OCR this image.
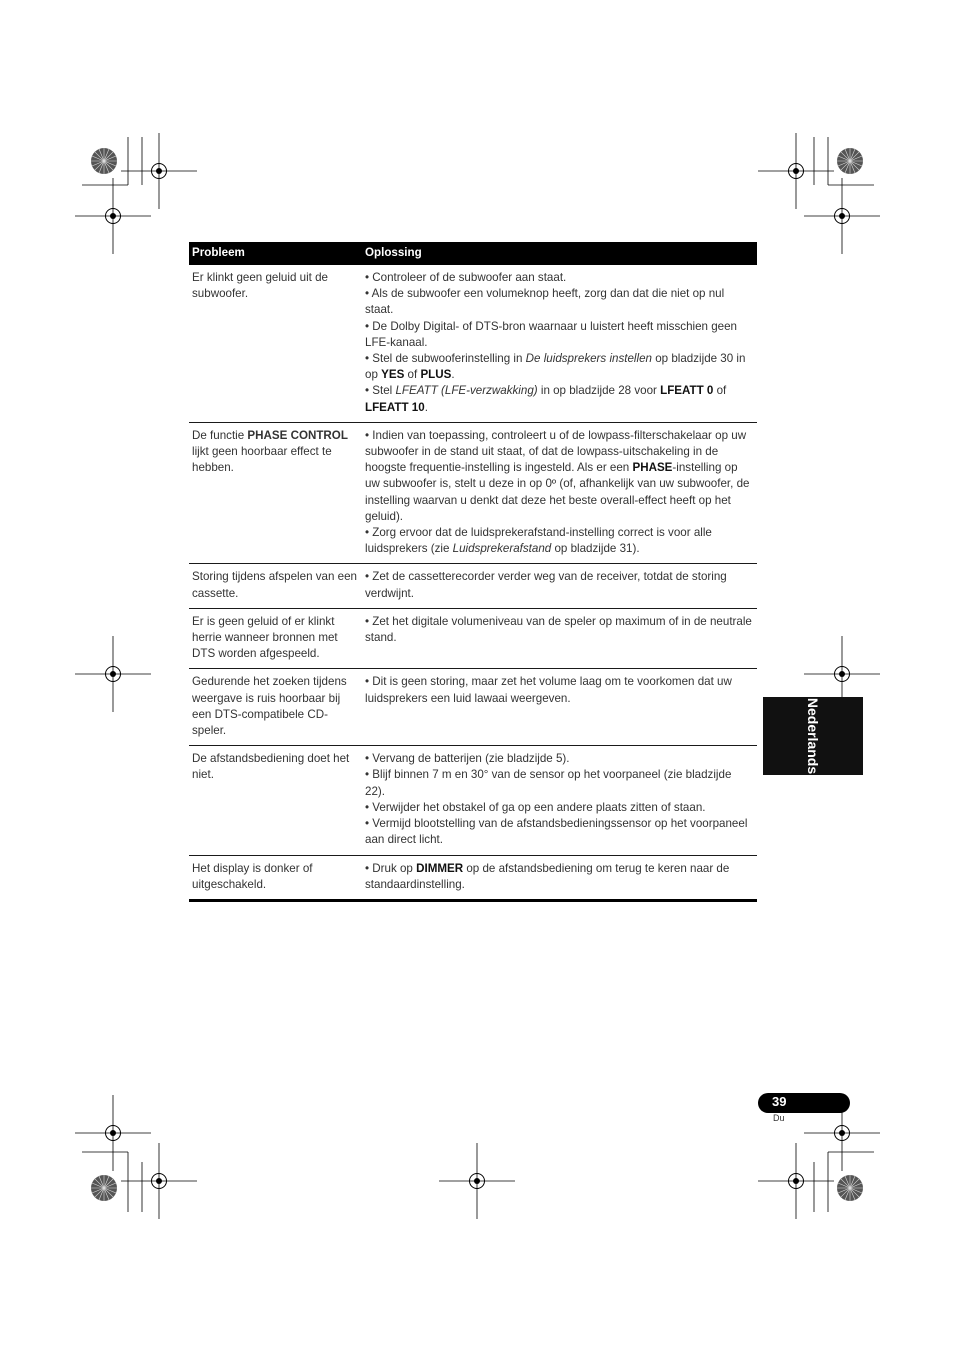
Probleem	Oplossing
Er klinkt geen geluid uit de subwoofer.

• Controleer of de subwoofer aan staat.

• Als de subwoofer een volumeknop heeft, zorg dan dat die niet op nul staat.

• De Dolby Digital- of DTS-bron waarnaar u luistert heeft misschien geen LFE-kanaal.

• Stel de subwooferinstelling in De luidsprekers instellen op bladzijde 30 in op YES of PLUS.

• Stel LFEATT (LFE-verzwakking) in op bladzijde 28 voor LFEATT 0 of LFEATT 10.

De functie PHASE CONTROL lijkt geen hoorbaar effect te hebben.

• Indien van toepassing, controleert u of de lowpass-filterschakelaar op uw subwoofer in de stand uit staat, of dat de lowpass-uitschakeling in de hoogste frequentie-instelling is ingesteld. Als er een PHASE-instelling op uw subwoofer is, stelt u deze in op 0º (of, afhankelijk van uw subwoofer, de instelling waarvan u denkt dat deze het beste overall-effect heeft op het geluid).

• Zorg ervoor dat de luidsprekerafstand-instelling correct is voor alle luidsprekers (zie Luidsprekerafstand op bladzijde 31).

Storing tijdens afspelen van een cassette.

• Zet de cassetterecorder verder weg van de receiver, totdat de storing verdwijnt.

Er is geen geluid of er klinkt herrie wanneer bronnen met DTS worden afgespeeld.

• Zet het digitale volumeniveau van de speler op maximum of in de neutrale stand.

Gedurende het zoeken tijdens weergave is ruis hoorbaar bij een DTS-compatibele CD-speler.

• Dit is geen storing, maar zet het volume laag om te voorkomen dat uw luidsprekers een luid lawaai weergeven.

De afstandsbediening doet het niet.

• Vervang de batterijen (zie bladzijde 5).

• Blijf binnen 7 m en 30° van de sensor op het voorpaneel (zie bladzijde 22).

• Verwijder het obstakel of ga op een andere plaats zitten of staan.

• Vermijd blootstelling van de afstandsbedieningssensor op het voorpaneel aan direct licht.

Het display is donker of uitgeschakeld.

• Druk op DIMMER op de afstandsbediening om terug te keren naar de standaardinstelling.

Nederlands
39
Du
